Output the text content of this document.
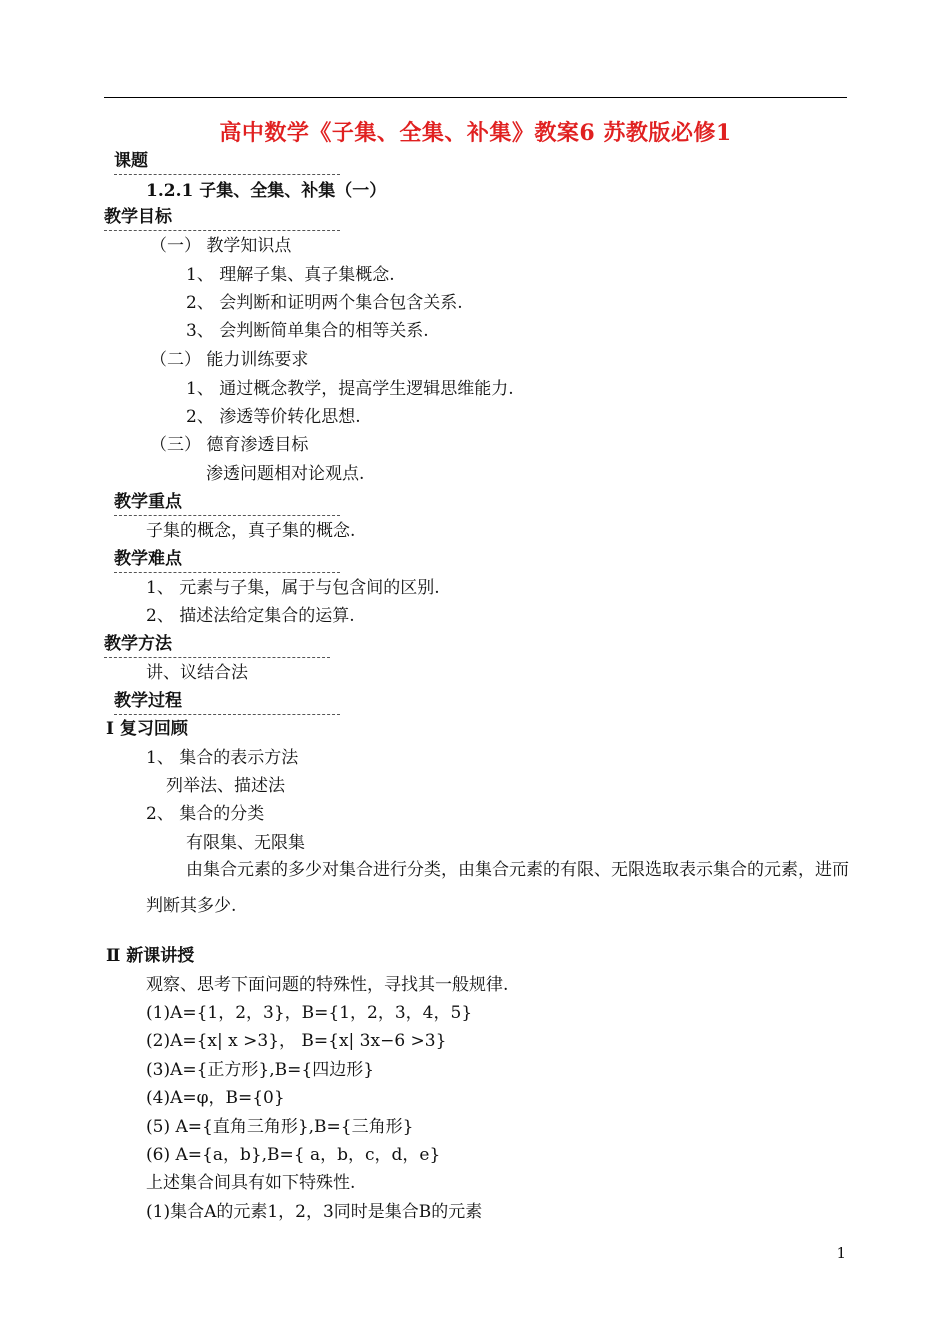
高中数学《子集、全集、补集》教案6 苏教版必修1
课题
1.2.1 子集、全集、补集（一）
教学目标
（一） 教学知识点
1、 理解子集、真子集概念.
2、 会判断和证明两个集合包含关系.
3、 会判断简单集合的相等关系.
（二） 能力训练要求
1、 通过概念教学，提高学生逻辑思维能力.
2、 渗透等价转化思想.
（三） 德育渗透目标
渗透问题相对论观点.
教学重点
子集的概念，真子集的概念.
教学难点
1、 元素与子集，属于与包含间的区别.
2、 描述法给定集合的运算.
教学方法
讲、议结合法
教学过程
Ⅰ 复习回顾
1、 集合的表示方法
列举法、描述法
2、 集合的分类
有限集、无限集
由集合元素的多少对集合进行分类，由集合元素的有限、无限选取表示集合的元素，进而判断其多少.
Ⅱ 新课讲授
观察、思考下面问题的特殊性，寻找其一般规律.
(1)A={1，2，3}，B={1，2，3，4，5}
(2)A={x| x >3}， B={x| 3x−6 >3}
(3)A={正方形},B={四边形}
(4)A=φ，B={0}
(5) A={直角三角形},B={三角形}
(6) A={a，b},B={ a，b，c，d，e}
上述集合间具有如下特殊性.
(1)集合A的元素1，2，3同时是集合B的元素
1
